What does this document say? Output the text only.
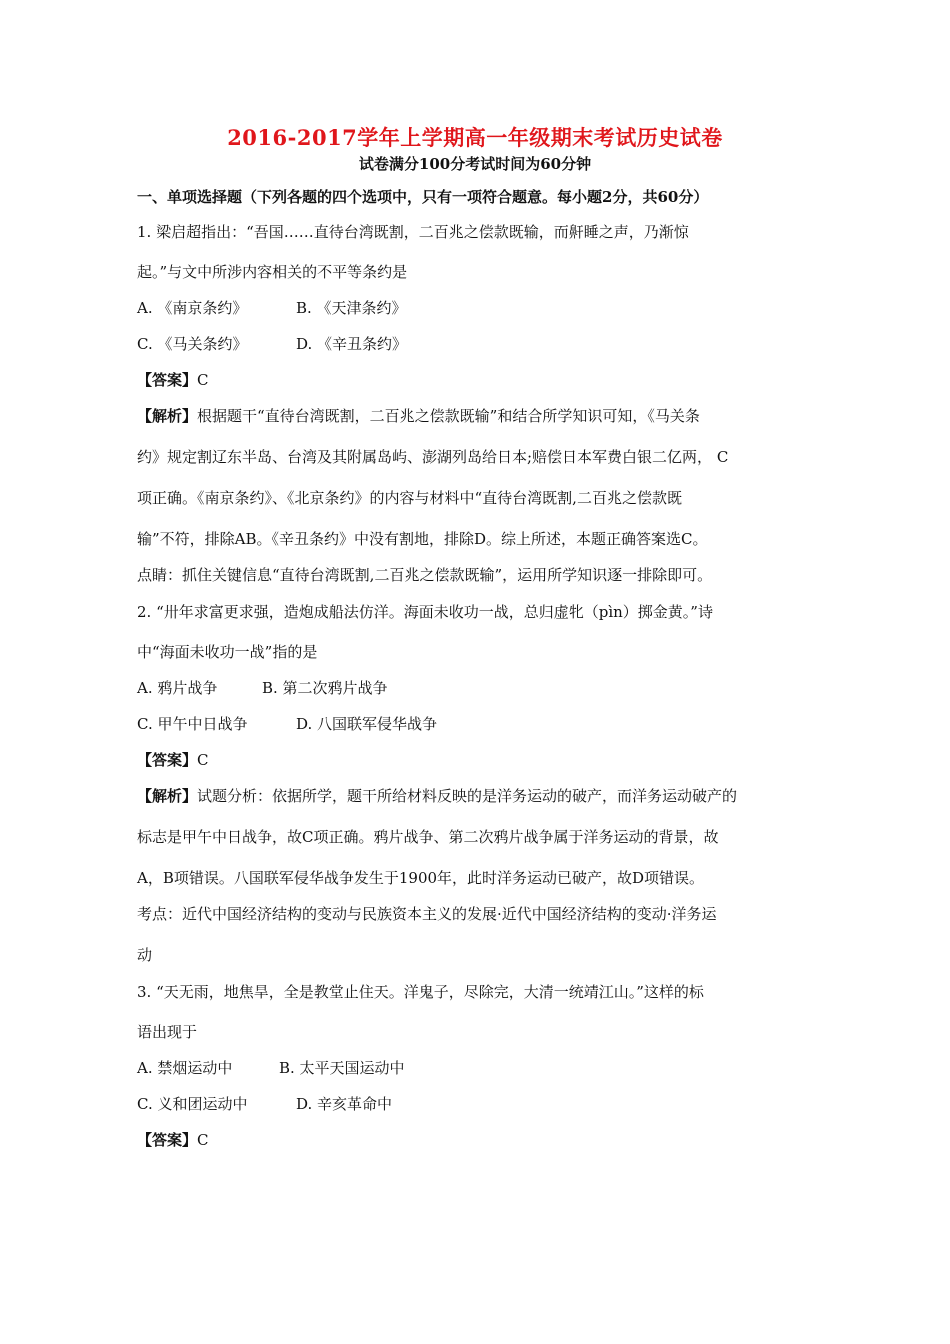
2016-2017学年上学期高一年级期末考试历史试卷
试卷满分100分考试时间为60分钟
一、单项选择题（下列各题的四个选项中，只有一项符合题意。每小题2分，共60分）
1. 梁启超指出：“吾国……直待台湾既割，二百兆之偿款既输，而鼾睡之声，乃渐惊
起。”与文中所涉内容相关的不平等条约是
A. 《南京条约》	B. 《天津条约》
C. 《马关条约》	D. 《辛丑条约》
【答案】C
【解析】根据题干“直待台湾既割，二百兆之偿款既输”和结合所学知识可知，《马关条
约》规定割辽东半岛、台湾及其附属岛屿、澎湖列岛给日本;赔偿日本军费白银二亿两， C
项正确。《南京条约》、《北京条约》的内容与材料中“直待台湾既割,二百兆之偿款既
输”不符，排除AB。《辛丑条约》中没有割地，排除D。综上所述，本题正确答案选C。
点睛：抓住关键信息“直待台湾既割,二百兆之偿款既输”，运用所学知识逐一排除即可。
2. “卅年求富更求强，造炮成船法仿洋。海面未收功一战，总归虚牝（pìn）掷金黄。”诗
中“海面未收功一战”指的是
A. 鸦片战争	B. 第二次鸦片战争
C. 甲午中日战争	D. 八国联军侵华战争
【答案】C
【解析】试题分析：依据所学，题干所给材料反映的是洋务运动的破产，而洋务运动破产的
标志是甲午中日战争，故C项正确。鸦片战争、第二次鸦片战争属于洋务运动的背景，故
A，B项错误。八国联军侵华战争发生于1900年，此时洋务运动已破产，故D项错误。
考点：近代中国经济结构的变动与民族资本主义的发展·近代中国经济结构的变动·洋务运
动
3. “天无雨，地焦旱，全是教堂止住天。洋鬼子，尽除完，大清一统靖江山。”这样的标
语出现于
A. 禁烟运动中	B. 太平天国运动中
C. 义和团运动中	D. 辛亥革命中
【答案】C
